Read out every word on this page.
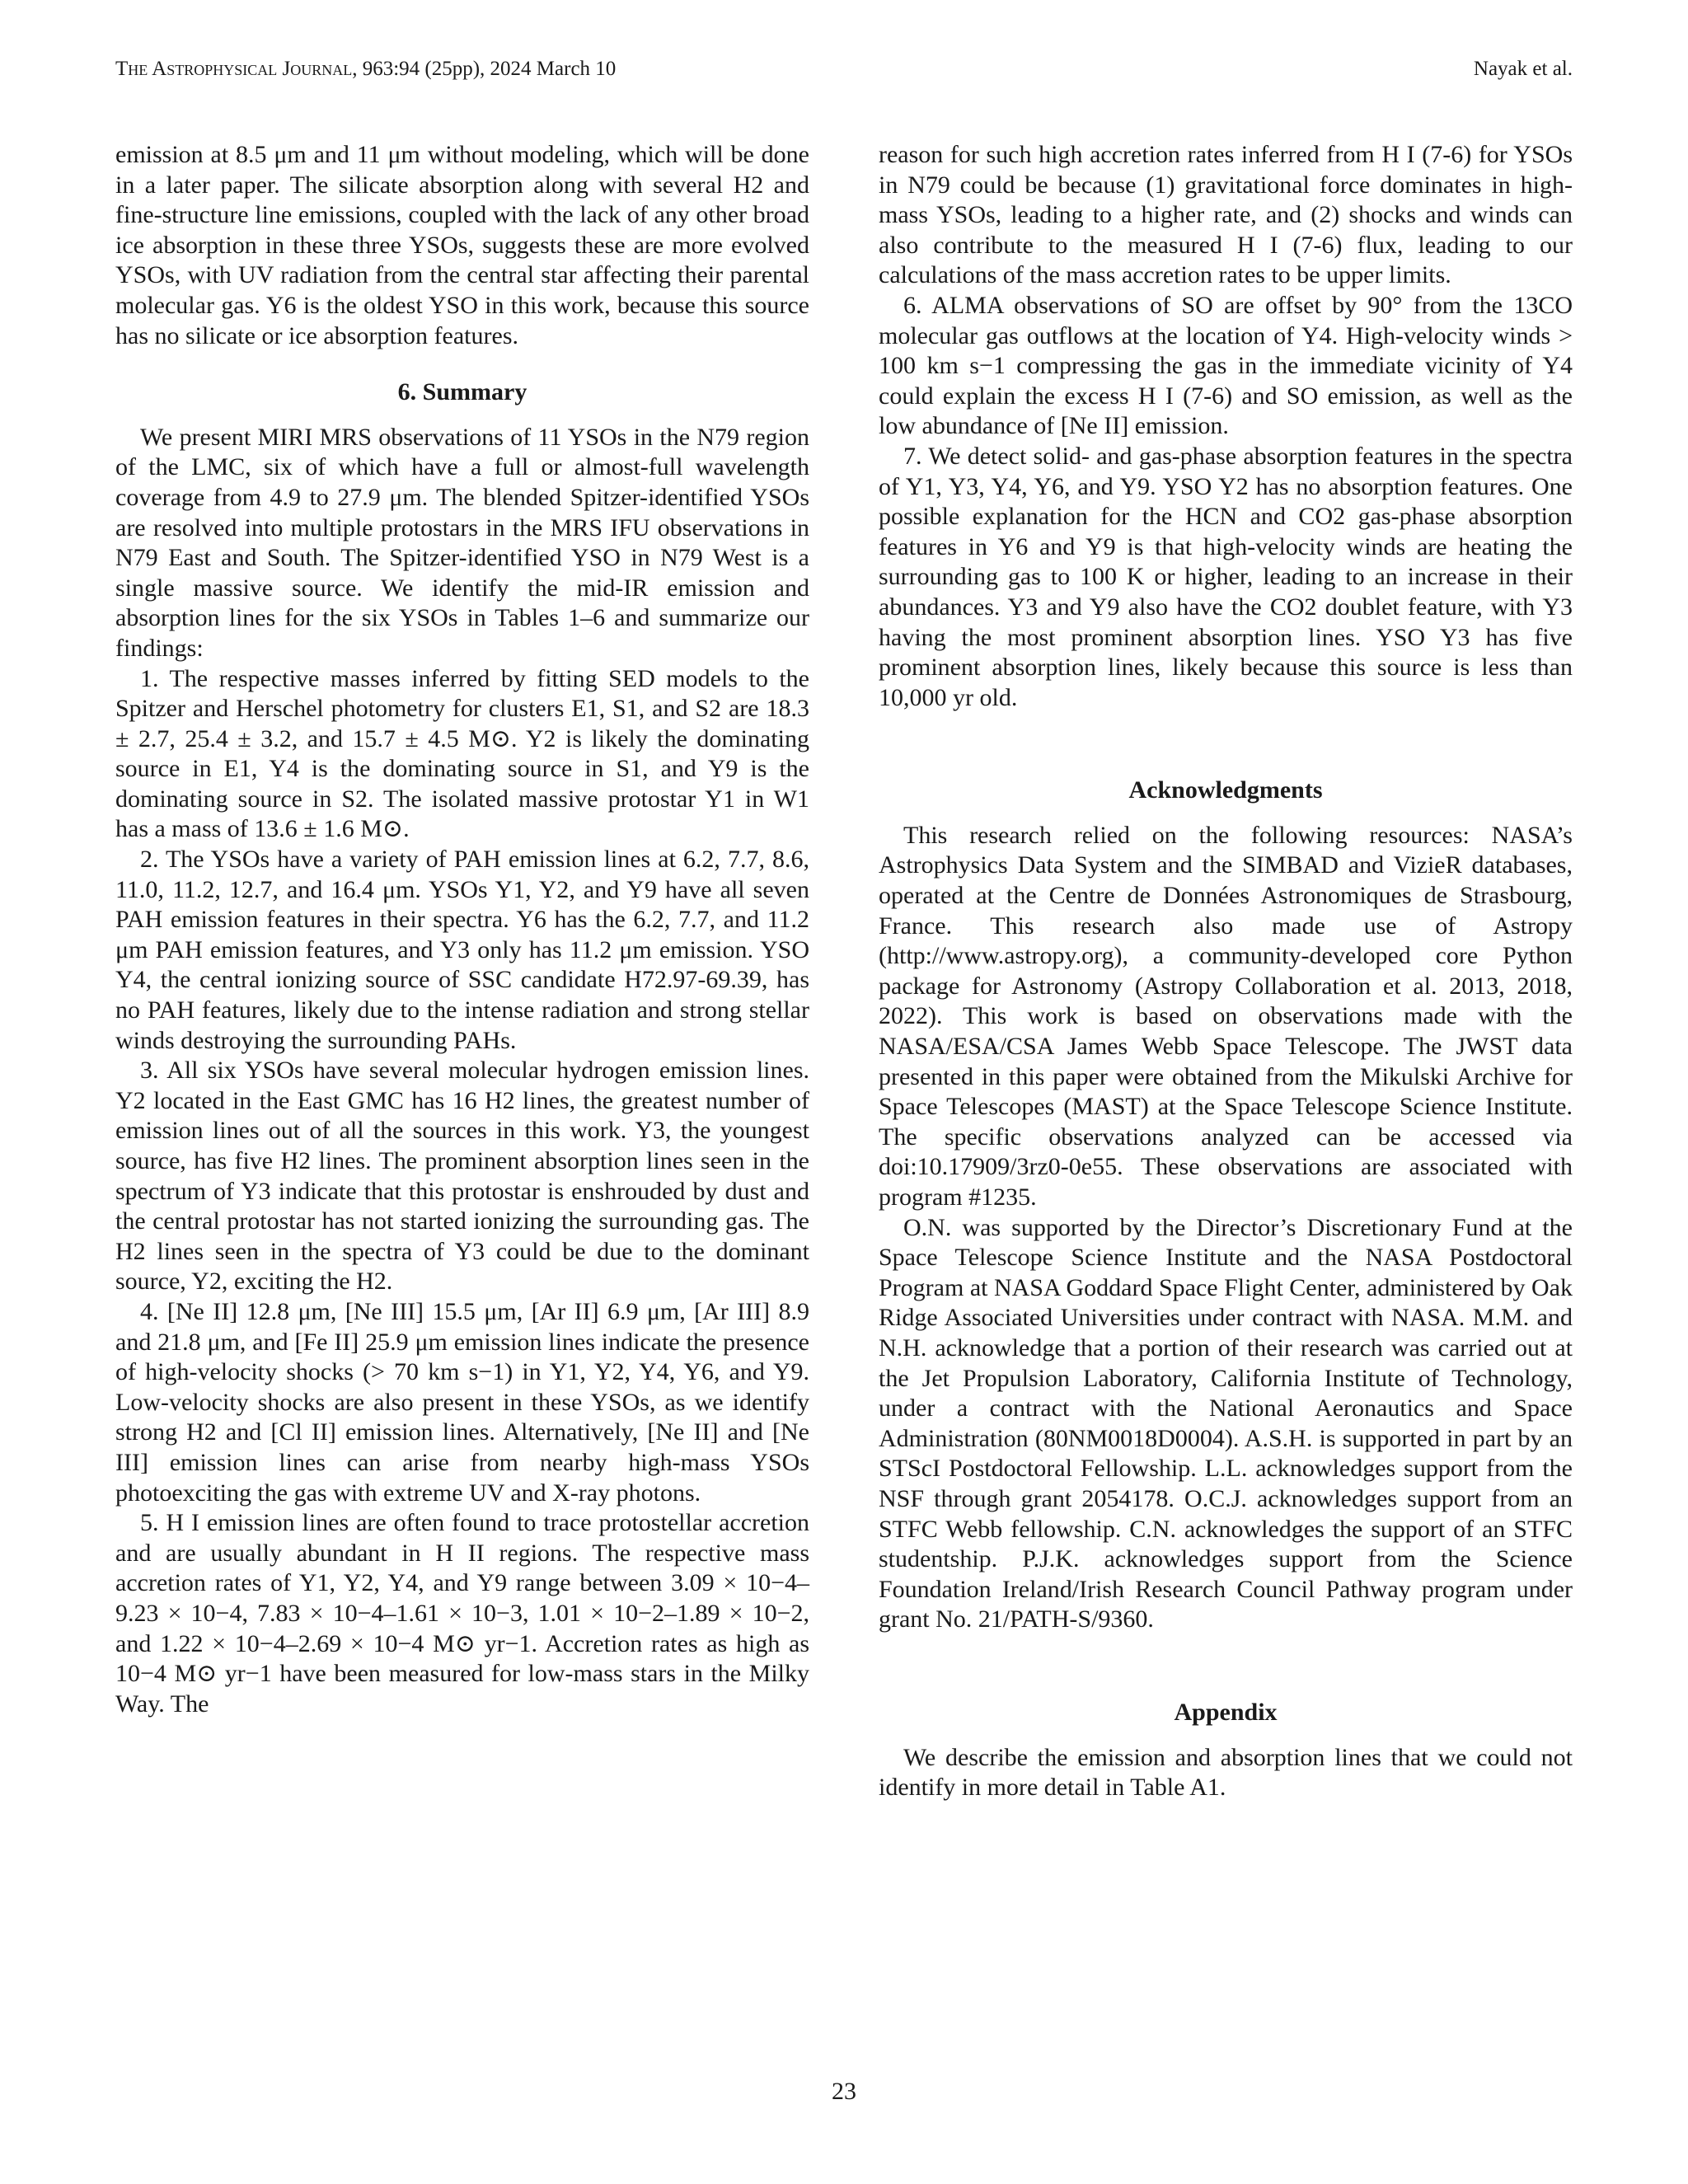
The Astrophysical Journal, 963:94 (25pp), 2024 March 10	Nayak et al.

emission at 8.5 μm and 11 μm without modeling, which will be done in a later paper. The silicate absorption along with several H2 and fine-structure line emissions, coupled with the lack of any other broad ice absorption in these three YSOs, suggests these are more evolved YSOs, with UV radiation from the central star affecting their parental molecular gas. Y6 is the oldest YSO in this work, because this source has no silicate or ice absorption features.

6. Summary

We present MIRI MRS observations of 11 YSOs in the N79 region of the LMC, six of which have a full or almost-full wavelength coverage from 4.9 to 27.9 μm. The blended Spitzer-identified YSOs are resolved into multiple protostars in the MRS IFU observations in N79 East and South. The Spitzer-identified YSO in N79 West is a single massive source. We identify the mid-IR emission and absorption lines for the six YSOs in Tables 1–6 and summarize our findings:

1. The respective masses inferred by fitting SED models to the Spitzer and Herschel photometry for clusters E1, S1, and S2 are 18.3 ± 2.7, 25.4 ± 3.2, and 15.7 ± 4.5 M⊙. Y2 is likely the dominating source in E1, Y4 is the dominating source in S1, and Y9 is the dominating source in S2. The isolated massive protostar Y1 in W1 has a mass of 13.6 ± 1.6 M⊙.

2. The YSOs have a variety of PAH emission lines at 6.2, 7.7, 8.6, 11.0, 11.2, 12.7, and 16.4 μm. YSOs Y1, Y2, and Y9 have all seven PAH emission features in their spectra. Y6 has the 6.2, 7.7, and 11.2 μm PAH emission features, and Y3 only has 11.2 μm emission. YSO Y4, the central ionizing source of SSC candidate H72.97-69.39, has no PAH features, likely due to the intense radiation and strong stellar winds destroying the surrounding PAHs.

3. All six YSOs have several molecular hydrogen emission lines. Y2 located in the East GMC has 16 H2 lines, the greatest number of emission lines out of all the sources in this work. Y3, the youngest source, has five H2 lines. The prominent absorption lines seen in the spectrum of Y3 indicate that this protostar is enshrouded by dust and the central protostar has not started ionizing the surrounding gas. The H2 lines seen in the spectra of Y3 could be due to the dominant source, Y2, exciting the H2.

4. [Ne II] 12.8 μm, [Ne III] 15.5 μm, [Ar II] 6.9 μm, [Ar III] 8.9 and 21.8 μm, and [Fe II] 25.9 μm emission lines indicate the presence of high-velocity shocks (> 70 km s−1) in Y1, Y2, Y4, Y6, and Y9. Low-velocity shocks are also present in these YSOs, as we identify strong H2 and [Cl II] emission lines. Alternatively, [Ne II] and [Ne III] emission lines can arise from nearby high-mass YSOs photoexciting the gas with extreme UV and X-ray photons.

5. H I emission lines are often found to trace protostellar accretion and are usually abundant in H II regions. The respective mass accretion rates of Y1, Y2, Y4, and Y9 range between 3.09 × 10−4–9.23 × 10−4, 7.83 × 10−4–1.61 × 10−3, 1.01 × 10−2–1.89 × 10−2, and 1.22 × 10−4–2.69 × 10−4 M⊙ yr−1. Accretion rates as high as 10−4 M⊙ yr−1 have been measured for low-mass stars in the Milky Way. The

reason for such high accretion rates inferred from H I (7-6) for YSOs in N79 could be because (1) gravitational force dominates in high-mass YSOs, leading to a higher rate, and (2) shocks and winds can also contribute to the measured H I (7-6) flux, leading to our calculations of the mass accretion rates to be upper limits.

6. ALMA observations of SO are offset by 90° from the 13CO molecular gas outflows at the location of Y4. High-velocity winds > 100 km s−1 compressing the gas in the immediate vicinity of Y4 could explain the excess H I (7-6) and SO emission, as well as the low abundance of [Ne II] emission.

7. We detect solid- and gas-phase absorption features in the spectra of Y1, Y3, Y4, Y6, and Y9. YSO Y2 has no absorption features. One possible explanation for the HCN and CO2 gas-phase absorption features in Y6 and Y9 is that high-velocity winds are heating the surrounding gas to 100 K or higher, leading to an increase in their abundances. Y3 and Y9 also have the CO2 doublet feature, with Y3 having the most prominent absorption lines. YSO Y3 has five prominent absorption lines, likely because this source is less than 10,000 yr old.

Acknowledgments

This research relied on the following resources: NASA’s Astrophysics Data System and the SIMBAD and VizieR databases, operated at the Centre de Données Astronomiques de Strasbourg, France. This research also made use of Astropy (http://www.astropy.org), a community-developed core Python package for Astronomy (Astropy Collaboration et al. 2013, 2018, 2022). This work is based on observations made with the NASA/ESA/CSA James Webb Space Telescope. The JWST data presented in this paper were obtained from the Mikulski Archive for Space Telescopes (MAST) at the Space Telescope Science Institute. The specific observations analyzed can be accessed via doi:10.17909/3rz0-0e55. These observations are associated with program #1235.

O.N. was supported by the Director’s Discretionary Fund at the Space Telescope Science Institute and the NASA Postdoctoral Program at NASA Goddard Space Flight Center, administered by Oak Ridge Associated Universities under contract with NASA. M.M. and N.H. acknowledge that a portion of their research was carried out at the Jet Propulsion Laboratory, California Institute of Technology, under a contract with the National Aeronautics and Space Administration (80NM0018D0004). A.S.H. is supported in part by an STScI Postdoctoral Fellowship. L.L. acknowledges support from the NSF through grant 2054178. O.C.J. acknowledges support from an STFC Webb fellowship. C.N. acknowledges the support of an STFC studentship. P.J.K. acknowledges support from the Science Foundation Ireland/Irish Research Council Pathway program under grant No. 21/PATH-S/9360.

Appendix

We describe the emission and absorption lines that we could not identify in more detail in Table A1.

23
